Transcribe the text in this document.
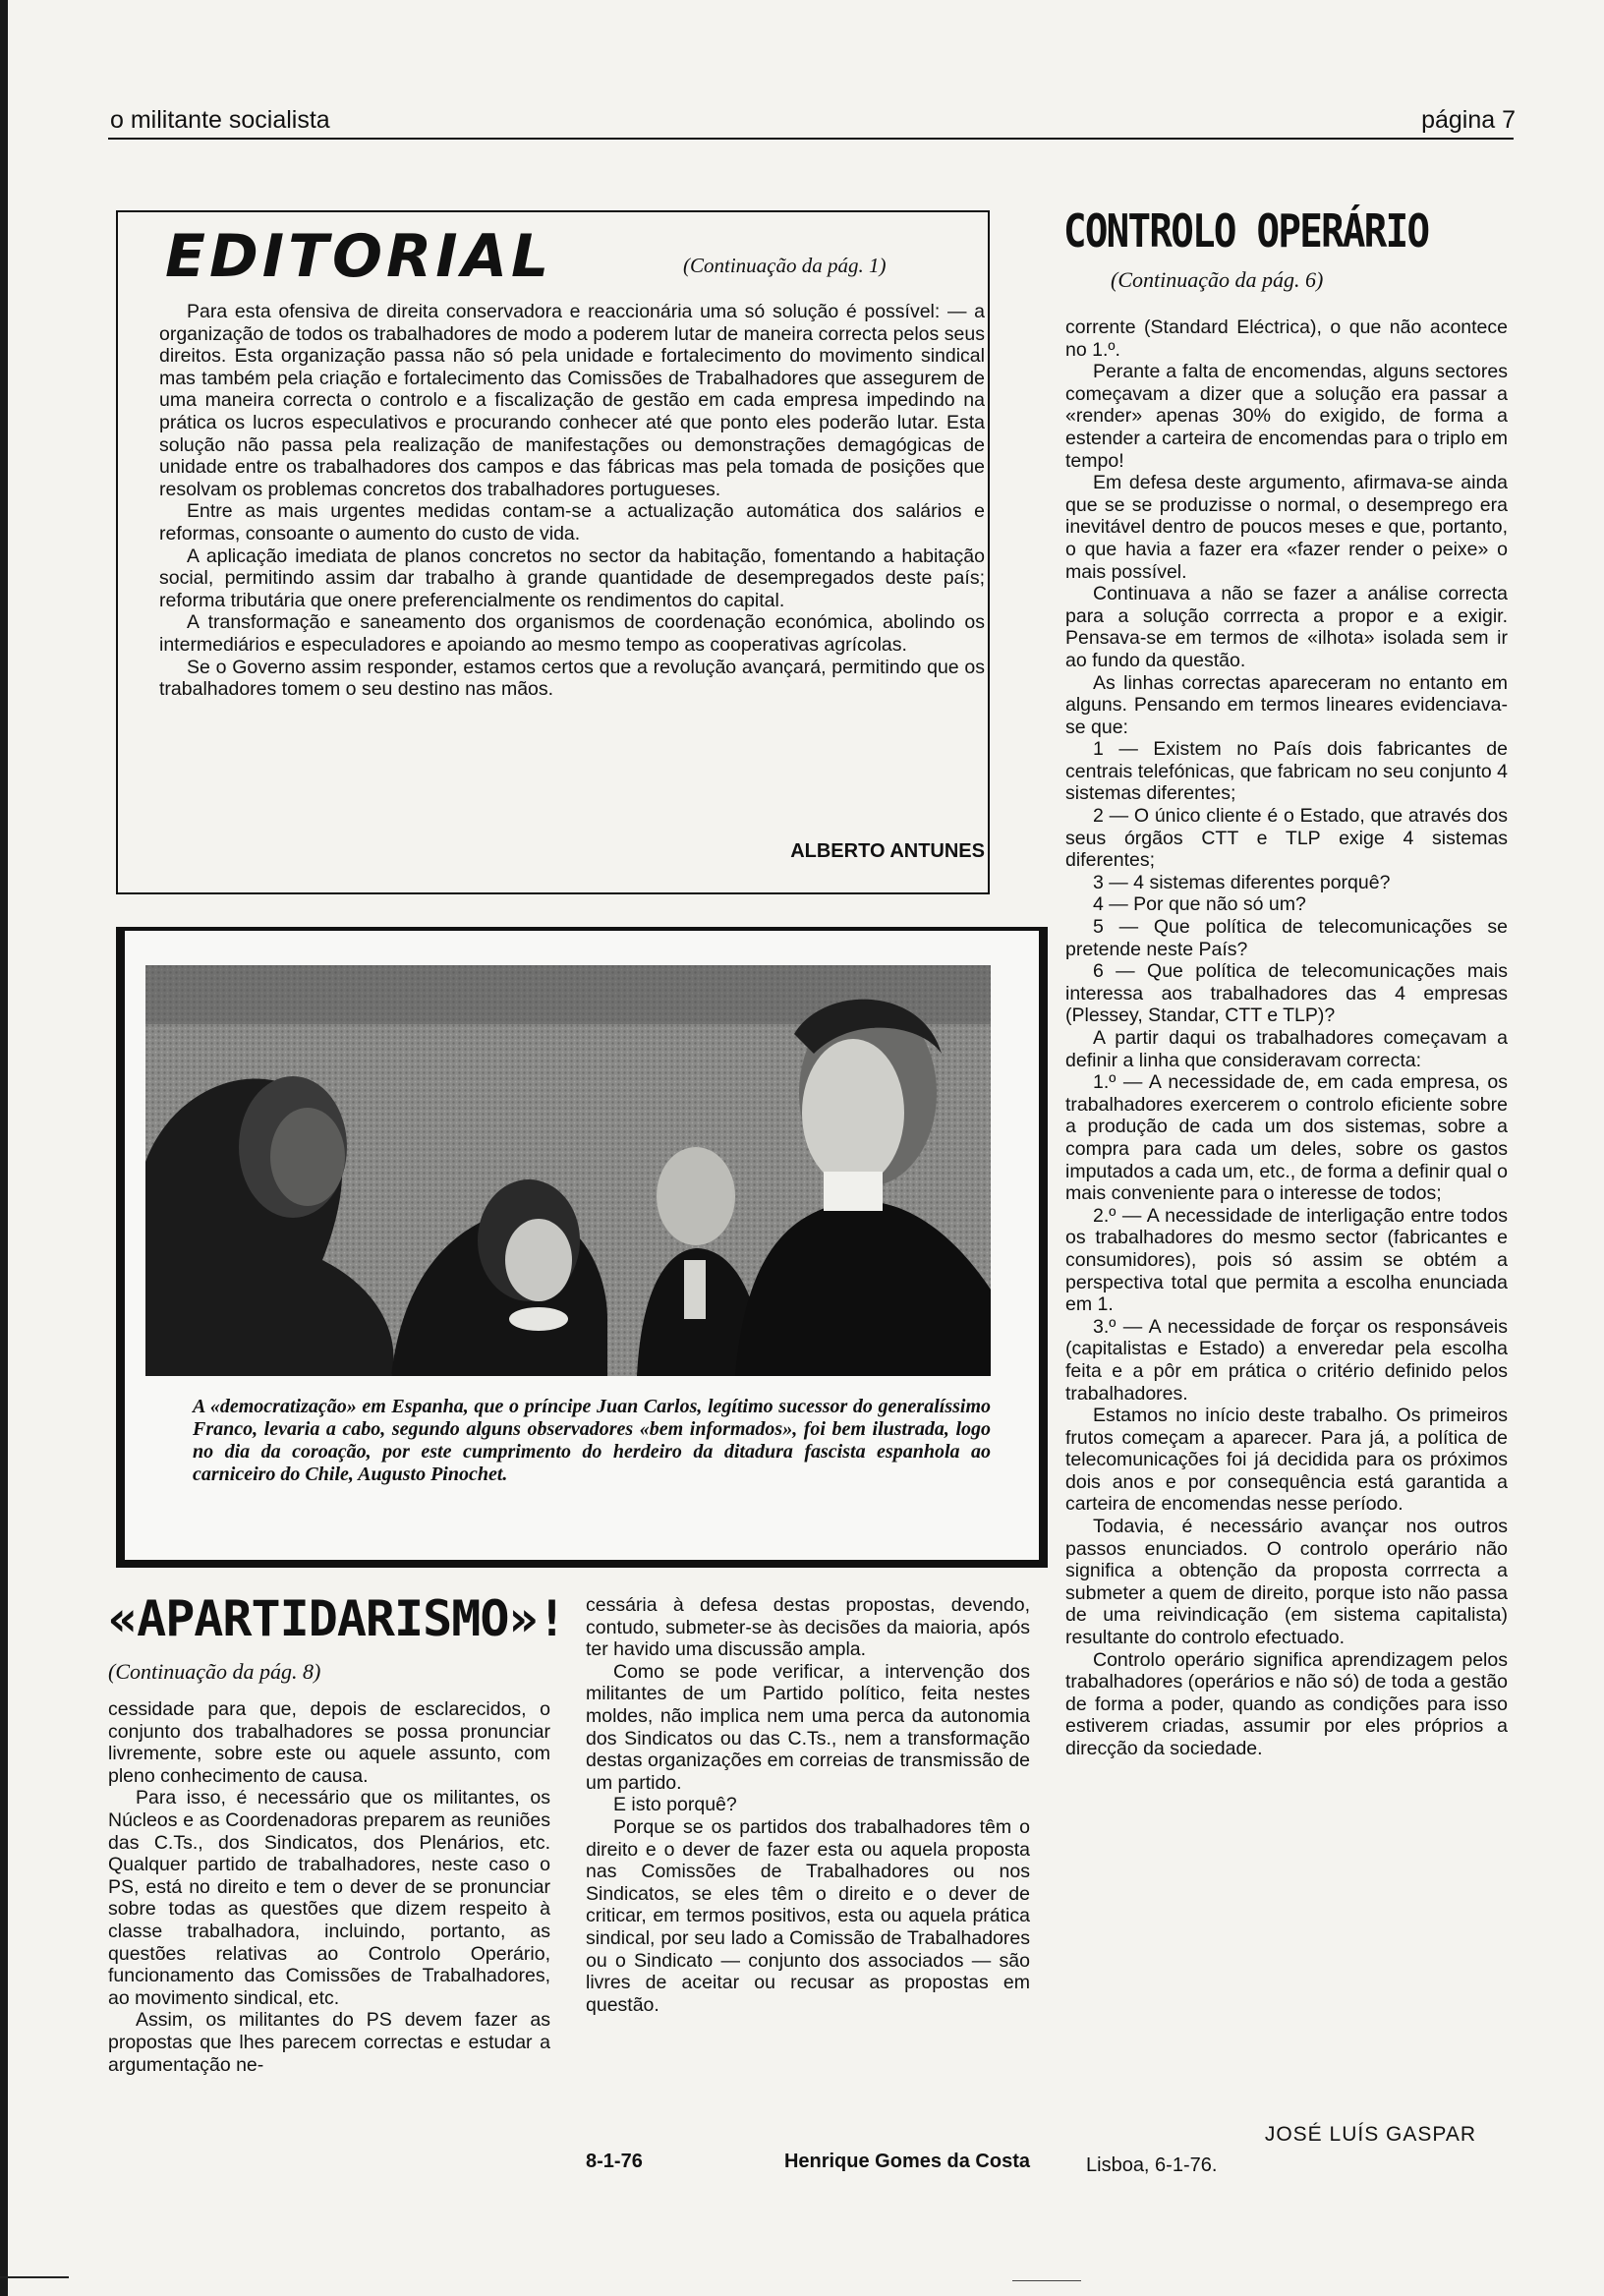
o militante socialista	página 7
EDITORIAL	(Continuação da pág. 1)

Para esta ofensiva de direita conservadora e reaccionária uma só solução é possível: — a organização de todos os trabalhadores de modo a poderem lutar de maneira correcta pelos seus direitos. Esta organização passa não só pela unidade e fortalecimento do movimento sindical mas também pela criação e fortalecimento das Comissões de Trabalhadores que assegurem de uma maneira correcta o controlo e a fiscalização de gestão em cada empresa impedindo na prática os lucros especulativos e procurando conhecer até que ponto eles poderão lutar. Esta solução não passa pela realização de manifestações ou demonstrações demagógicas de unidade entre os trabalhadores dos campos e das fábricas mas pela tomada de posições que resolvam os problemas concretos dos trabalhadores portugueses.

Entre as mais urgentes medidas contam-se a actualização automática dos salários e reformas, consoante o aumento do custo de vida.

A aplicação imediata de planos concretos no sector da habitação, fomentando a habitação social, permitindo assim dar trabalho à grande quantidade de desempregados deste país; reforma tributária que onere preferencialmente os rendimentos do capital.

A transformação e saneamento dos organismos de coordenação económica, abolindo os intermediários e especuladores e apoiando ao mesmo tempo as cooperativas agrícolas.

Se o Governo assim responder, estamos certos que a revolução avançará, permitindo que os trabalhadores tomem o seu destino nas mãos.

ALBERTO ANTUNES
A «democratização» em Espanha, que o príncipe Juan Carlos, legítimo sucessor do generalíssimo Franco, levaria a cabo, segundo alguns observadores «bem informados», foi bem ilustrada, logo no dia da coroação, por este cumprimento do herdeiro da ditadura fascista espanhola ao carniceiro do Chile, Augusto Pinochet.
«APARTIDARISMO»!
(Continuação da pág. 8)

cessidade para que, depois de esclarecidos, o conjunto dos trabalhadores se possa pronunciar livremente, sobre este ou aquele assunto, com pleno conhecimento de causa.

Para isso, é necessário que os militantes, os Núcleos e as Coordenadoras preparem as reuniões das C.Ts., dos Sindicatos, dos Plenários, etc. Qualquer partido de trabalhadores, neste caso o PS, está no direito e tem o dever de se pronunciar sobre todas as questões que dizem respeito à classe trabalhadora, incluindo, portanto, as questões relativas ao Controlo Operário, funcionamento das Comissões de Trabalhadores, ao movimento sindical, etc.

Assim, os militantes do PS devem fazer as propostas que lhes parecem correctas e estudar a argumentação ne-

cessária à defesa destas propostas, devendo, contudo, submeter-se às decisões da maioria, após ter havido uma discussão ampla.

Como se pode verificar, a intervenção dos militantes de um Partido político, feita nestes moldes, não implica nem uma perca da autonomia dos Sindicatos ou das C.Ts., nem a transformação destas organizações em correias de transmissão de um partido.

E isto porquê?

Porque se os partidos dos trabalhadores têm o direito e o dever de fazer esta ou aquela proposta nas Comissões de Trabalhadores ou nos Sindicatos, se eles têm o direito e o dever de criticar, em termos positivos, esta ou aquela prática sindical, por seu lado a Comissão de Trabalhadores ou o Sindicato — conjunto dos associados — são livres de aceitar ou recusar as propostas em questão.

8-1-76	Henrique Gomes da Costa
CONTROLO OPERÁRIO
(Continuação da pág. 6)

corrente (Standard Eléctrica), o que não acontece no 1.º.

Perante a falta de encomendas, alguns sectores começavam a dizer que a solução era passar a «render» apenas 30% do exigido, de forma a estender a carteira de encomendas para o triplo em tempo!

Em defesa deste argumento, afirmava-se ainda que se se produzisse o normal, o desemprego era inevitável dentro de poucos meses e que, portanto, o que havia a fazer era «fazer render o peixe» o mais possível.

Continuava a não se fazer a análise correcta para a solução corrrecta a propor e a exigir. Pensava-se em termos de «ilhota» isolada sem ir ao fundo da questão.

As linhas correctas apareceram no entanto em alguns. Pensando em termos lineares evidenciava-se que:

1 — Existem no País dois fabricantes de centrais telefónicas, que fabricam no seu conjunto 4 sistemas diferentes;

2 — O único cliente é o Estado, que através dos seus órgãos CTT e TLP exige 4 sistemas diferentes;

3 — 4 sistemas diferentes porquê?

4 — Por que não só um?

5 — Que política de telecomunicações se pretende neste País?

6 — Que política de telecomunicações mais interessa aos trabalhadores das 4 empresas (Plessey, Standar, CTT e TLP)?

A partir daqui os trabalhadores começavam a definir a linha que consideravam correcta:

1.º — A necessidade de, em cada empresa, os trabalhadores exercerem o controlo eficiente sobre a produção de cada um dos sistemas, sobre a compra para cada um deles, sobre os gastos imputados a cada um, etc., de forma a definir qual o mais conveniente para o interesse de todos;

2.º — A necessidade de interligação entre todos os trabalhadores do mesmo sector (fabricantes e consumidores), pois só assim se obtém a perspectiva total que permita a escolha enunciada em 1.

3.º — A necessidade de forçar os responsáveis (capitalistas e Estado) a enveredar pela escolha feita e a pôr em prática o critério definido pelos trabalhadores.

Estamos no início deste trabalho. Os primeiros frutos começam a aparecer. Para já, a política de telecomunicações foi já decidida para os próximos dois anos e por consequência está garantida a carteira de encomendas nesse período.

Todavia, é necessário avançar nos outros passos enunciados. O controlo operário não significa a obtenção da proposta corrrecta a submeter a quem de direito, porque isto não passa de uma reivindicação (em sistema capitalista) resultante do controlo efectuado.

Controlo operário significa aprendizagem pelos trabalhadores (operários e não só) de toda a gestão de forma a poder, quando as condições para isso estiverem criadas, assumir por eles próprios a direcção da sociedade.

JOSÉ LUÍS GASPAR
Lisboa, 6-1-76.
